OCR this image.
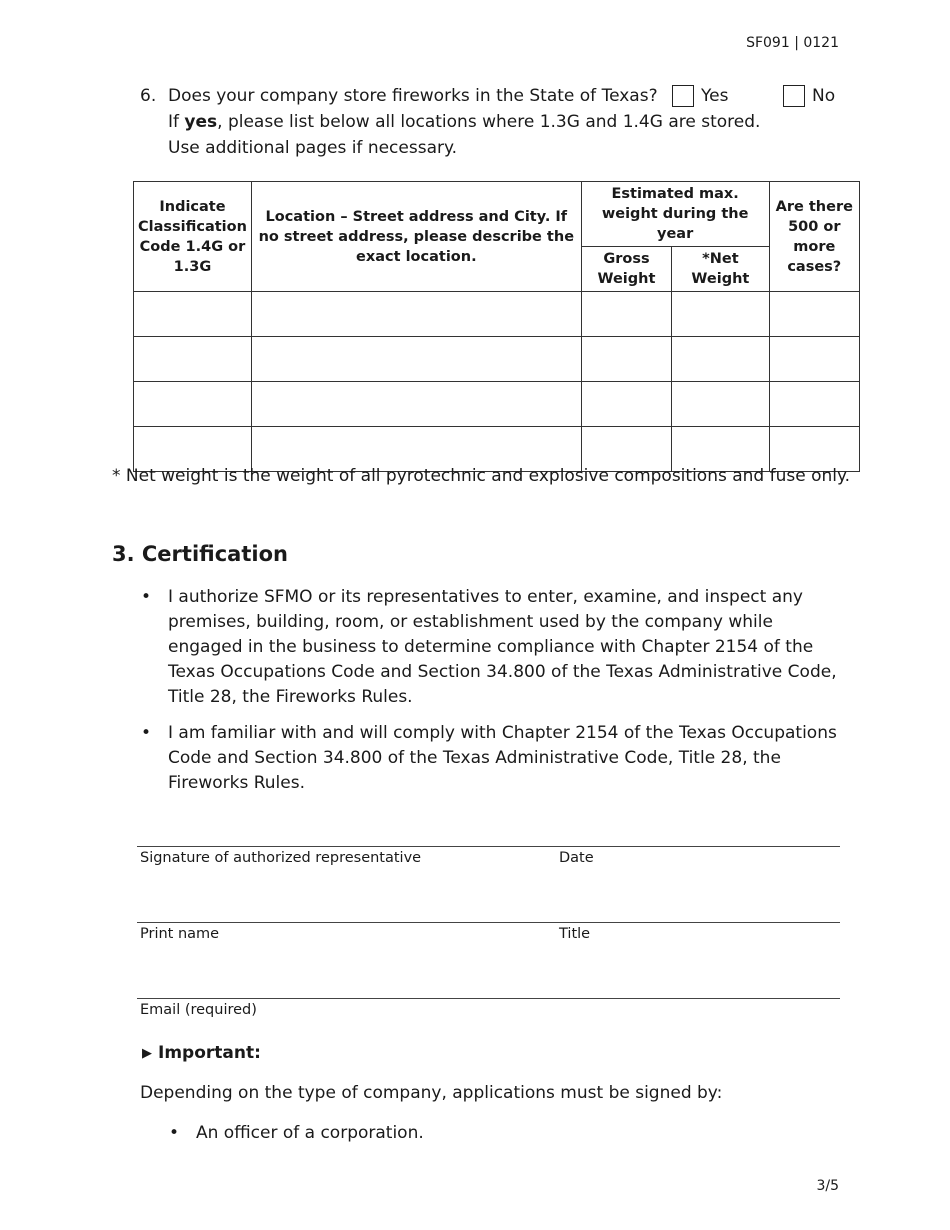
SF091 | 0121
6. Does your company store fireworks in the State of Texas?	Yes	No
If yes, please list below all locations where 1.3G and 1.4G are stored. Use additional pages if necessary.
Indicate Classification Code 1.4G or 1.3G	Location – Street address and City. If no street address, please describe the exact location.	Estimated max. weight during the year		Are there 500 or more cases?
		Gross Weight	*Net Weight	

* Net weight is the weight of all pyrotechnic and explosive compositions and fuse only.
3. Certification
• I authorize SFMO or its representatives to enter, examine, and inspect any premises, building, room, or establishment used by the company while engaged in the business to determine compliance with Chapter 2154 of the Texas Occupations Code and Section 34.800 of the Texas Administrative Code, Title 28, the Fireworks Rules.
• I am familiar with and will comply with Chapter 2154 of the Texas Occupations Code and Section 34.800 of the Texas Administrative Code, Title 28, the Fireworks Rules.
Signature of authorized representative	Date
Print name	Title
Email (required)
▶ Important:
Depending on the type of company, applications must be signed by:
• An officer of a corporation.
3/5
